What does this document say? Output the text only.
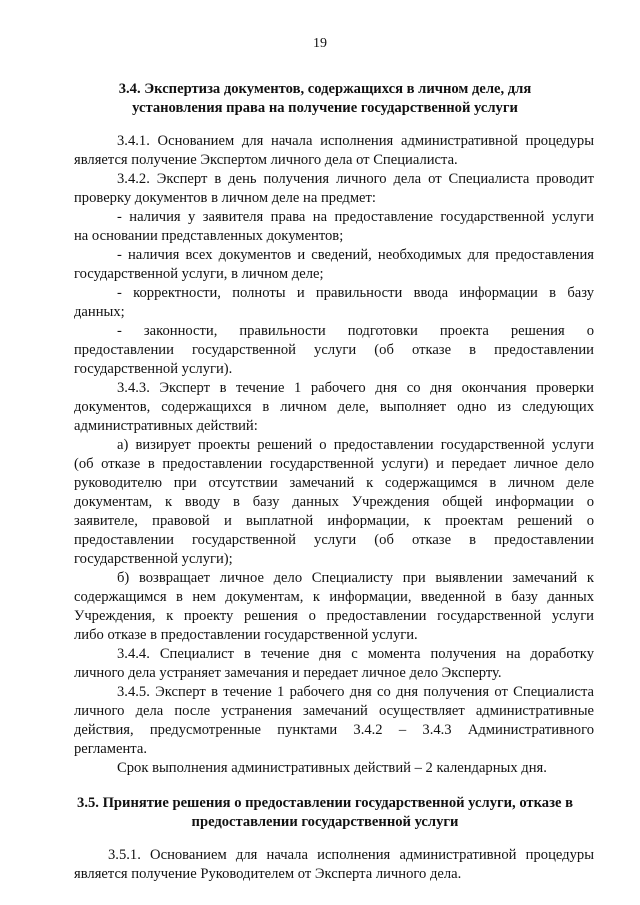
19
3.4. Экспертиза документов, содержащихся в личном деле, для
установления права на получение государственной услуги
3.4.1. Основанием для начала исполнения административной процедуры
является получение Экспертом личного дела от Специалиста.
3.4.2. Эксперт в день получения личного дела от Специалиста проводит
проверку документов в личном деле на предмет:
- наличия у заявителя права на предоставление государственной услуги
на основании представленных документов;
- наличия всех документов и сведений, необходимых для предоставления
государственной услуги, в личном деле;
- корректности, полноты и правильности ввода информации в базу
данных;
- законности, правильности подготовки проекта решения о
предоставлении государственной услуги (об отказе в предоставлении
государственной услуги).
3.4.3. Эксперт в течение 1 рабочего дня со дня окончания проверки
документов, содержащихся в личном деле, выполняет одно из следующих
административных действий:
а) визирует проекты решений о предоставлении государственной услуги
(об отказе в предоставлении государственной услуги) и передает личное дело
руководителю при отсутствии замечаний к содержащимся в личном деле
документам, к вводу в базу данных Учреждения общей информации о
заявителе, правовой и выплатной информации, к проектам решений о
предоставлении государственной услуги (об отказе в предоставлении
государственной услуги);
б) возвращает личное дело Специалисту при выявлении замечаний к
содержащимся в нем документам, к информации, введенной в базу данных
Учреждения, к проекту решения о предоставлении государственной услуги
либо отказе в предоставлении государственной услуги.
3.4.4. Специалист в течение дня с момента получения на доработку
личного дела устраняет замечания и передает личное дело Эксперту.
3.4.5. Эксперт в течение 1 рабочего дня со дня получения от Специалиста
личного дела после устранения замечаний осуществляет административные
действия, предусмотренные пунктами 3.4.2 – 3.4.3 Административного
регламента.
Срок выполнения административных действий – 2 календарных дня.
3.5. Принятие решения о предоставлении государственной услуги, отказе в
предоставлении государственной услуги
3.5.1. Основанием для начала исполнения административной процедуры
является получение Руководителем от Эксперта личного дела.
